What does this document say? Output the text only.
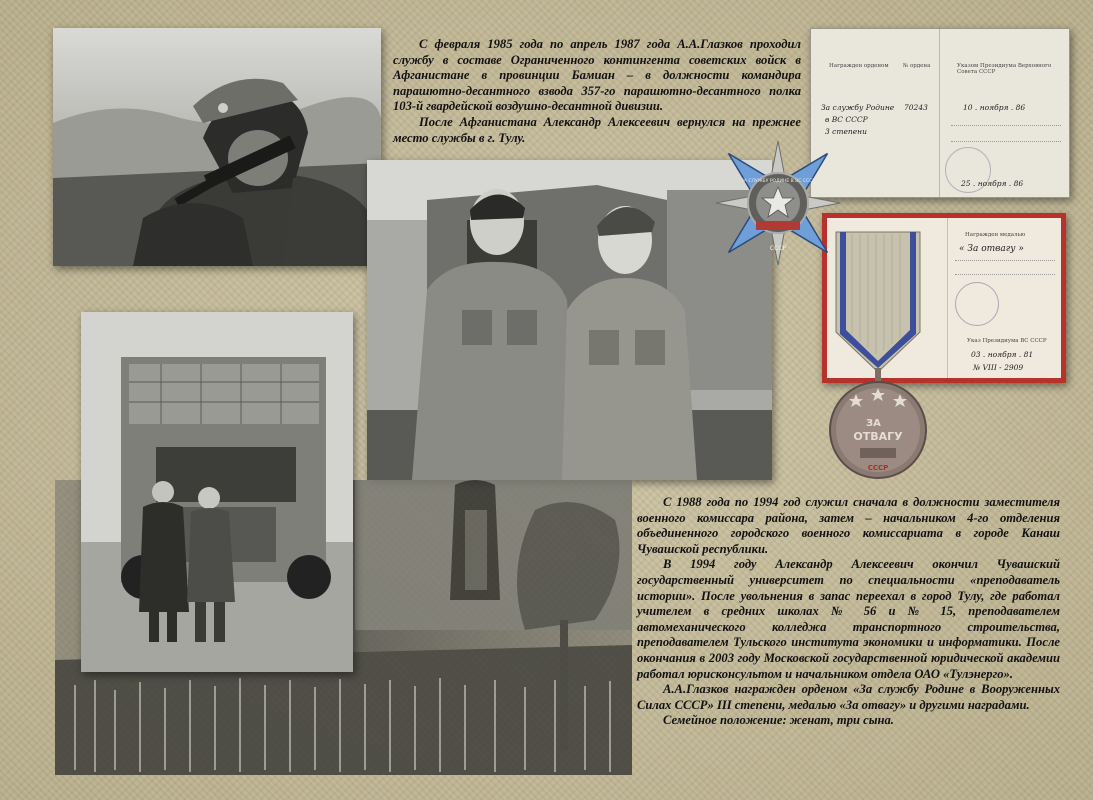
С февраля 1985 года по апрель 1987 года А.А.Глазков проходил службу в составе Ограниченного контингента советских войск в Афганистане в провинции Бамиан – в должности командира парашютно-десантного взвода 357-го парашютно-десантного полка 103-й гвардейской воздушно-десантной дивизии.

После Афганистана Александр Алексеевич вернулся на прежнее место службы в г. Тулу.

Награжден орденом	№ ордена	Указом Президиума Верховного Совета СССР
За службу Родине
в ВС СССР
3 степени
70243	10 . ноября . 86
25 . ноября . 86
Награжден медалью
« За отвагу »
Указ Президиума ВС СССР
03 . ноября . 81
№ VIII - 2909
СССР
ЗА СЛУЖБУ РОДИНЕ В ВС СССР
ЗА
ОТВАГУ
СССР

С 1988 года по 1994 год служил сначала в должности заместителя военного комиссара района, затем – начальником 4-го отделения объединенного городского военного комиссариата в городе Канаш Чувашской республики.

В 1994 году Александр Алексеевич окончил Чувашский государственный университет по специальности «преподаватель истории». После увольнения в запас переехал в город Тулу, где работал учителем в средних школах № 56 и № 15, преподавателем автомеханического колледжа транспортного строительства, преподавателем Тульского института экономики и информатики. После окончания в 2003 году Московской государственной юридической академии работал юрисконсультом и начальником отдела ОАО «Тулэнерго».

А.А.Глазков награжден орденом «За службу Родине в Вооруженных Силах СССР» III степени, медалью «За отвагу» и другими наградами.

Семейное положение: женат, три сына.
